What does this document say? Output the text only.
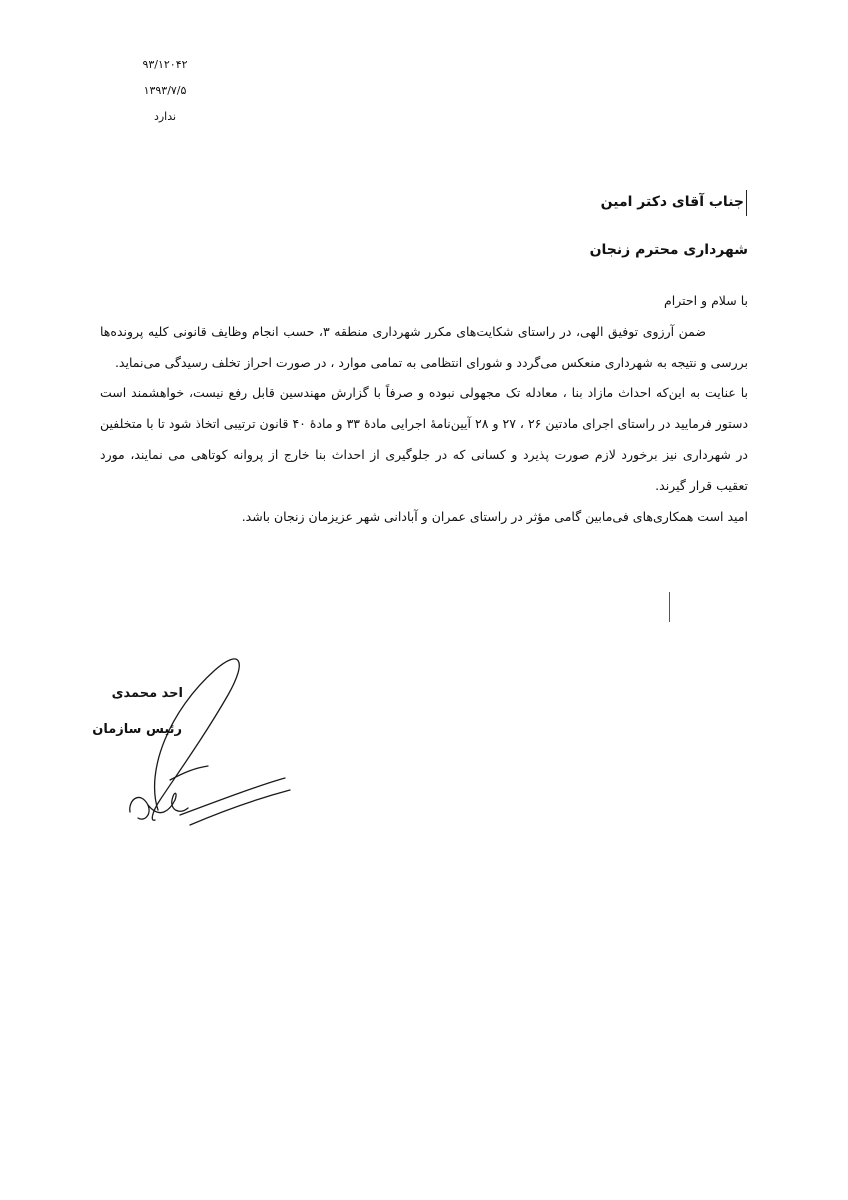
۹۳/۱۲۰۴۲
۱۳۹۳/۷/۵
ندارد
جناب آقای دکتر امین
شهرداری محترم زنجان

با سلام و احترام

ضمن آرزوی توفیق الهی، در راستای شکایت‌های مکرر شهرداری منطقه ۳، حسب انجام وظایف قانونی کلیه پرونده‌ها بررسی و نتیجه به شهرداری منعکس می‌گردد و شورای انتظامی به تمامی موارد ، در صورت احراز تخلف رسیدگی می‌نماید.

با عنایت به این‌که احداث مازاد بنا ، معادله تک مجهولی نبوده و صرفاً با گزارش مهندسین قابل رفع نیست، خواهشمند است دستور فرمایید در راستای اجرای مادتین ۲۶ ، ۲۷ و ۲۸ آیین‌نامهٔ اجرایی مادهٔ ۳۳ و مادهٔ ۴۰ قانون ترتیبی اتخاذ شود تا با متخلفین در شهرداری نیز برخورد لازم صورت پذیرد و کسانی که در جلوگیری از احداث بنا خارج از پروانه کوتاهی می نمایند، مورد تعقیب قرار گیرند.

امید است همکاری‌های فی‌مابین گامی مؤثر در راستای عمران و آبادانی شهر عزیزمان زنجان باشد.

احد محمدی
رئیس سازمان
